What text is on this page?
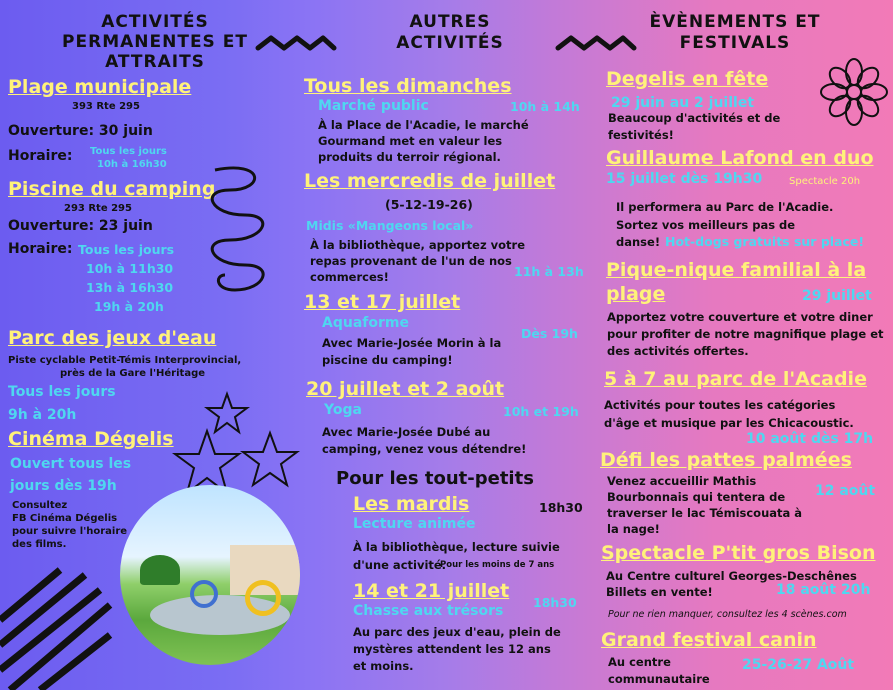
ACTIVITÉS PERMANENTES ET ATTRAITS
Plage municipale
393 Rte 295
Ouverture: 30 juin
Horaire: Tous les jours
10h à 16h30
Piscine du camping
293 Rte 295
Ouverture: 23 juin
Horaire: Tous les jours
10h à 11h30
13h à 16h30
19h à 20h
Parc des jeux d'eau
Piste cyclable Petit-Témis Interprovincial,
près de la Gare l'Héritage
Tous les jours
9h à 20h
Cinéma Dégelis
Ouvert tous les
jours dès 19h
Consultez
FB Cinéma Dégelis
pour suivre l'horaire
des films.
AUTRES
ACTIVITÉS
Tous les dimanches
Marché public	10h à 14h
À la Place de l'Acadie, le marché
Gourmand met en valeur les
produits du terroir régional.
Les mercredis de juillet
(5-12-19-26)
Midis «Mangeons local»
À la bibliothèque, apportez votre
repas provenant de l'un de nos
commerces!	11h à 13h
13 et 17 juillet
Aquaforme
Dès 19h
Avec Marie-Josée Morin à la
piscine du camping!
20 juillet et 2 août
Yoga	10h et 19h
Avec Marie-Josée Dubé au
camping, venez vous détendre!
Pour les tout-petits
Les mardis	18h30
Lecture animée
À la bibliothèque, lecture suivie
d'une activité.
Pour les moins de 7 ans
14 et 21 juillet
18h30
Chasse aux trésors
Au parc des jeux d'eau, plein de
mystères attendent les 12 ans
et moins.
ÈVÈNEMENTS ET
FESTIVALS
Degelis en fête
29 juin au 2 juillet
Beaucoup d'activités et de
festivités!
Guillaume Lafond en duo
15 juillet dès 19h30	Spectacle 20h
Il performera au Parc de l'Acadie.
Sortez vos meilleurs pas de
danse! Hot-dogs gratuits sur place!
Pique-nique familial à la
plage	29 juillet
Apportez votre couverture et votre diner
pour profiter de notre magnifique plage et
des activités offertes.
5 à 7 au parc de l'Acadie
Activités pour toutes les catégories
d'âge et musique par les Chicacoustic.
10 août dès 17h
Défi les pattes palmées
Venez accueillir Mathis
Bourbonnais qui tentera de
traverser le lac Témiscouata à
la nage!
12 août
Spectacle P'tit gros Bison
Au Centre culturel Georges-Deschênes
Billets en vente!	18 août 20h
Pour ne rien manquer, consultez les 4 scènes.com
Grand festival canin
Au centre
communautaire
25-26-27 Août
